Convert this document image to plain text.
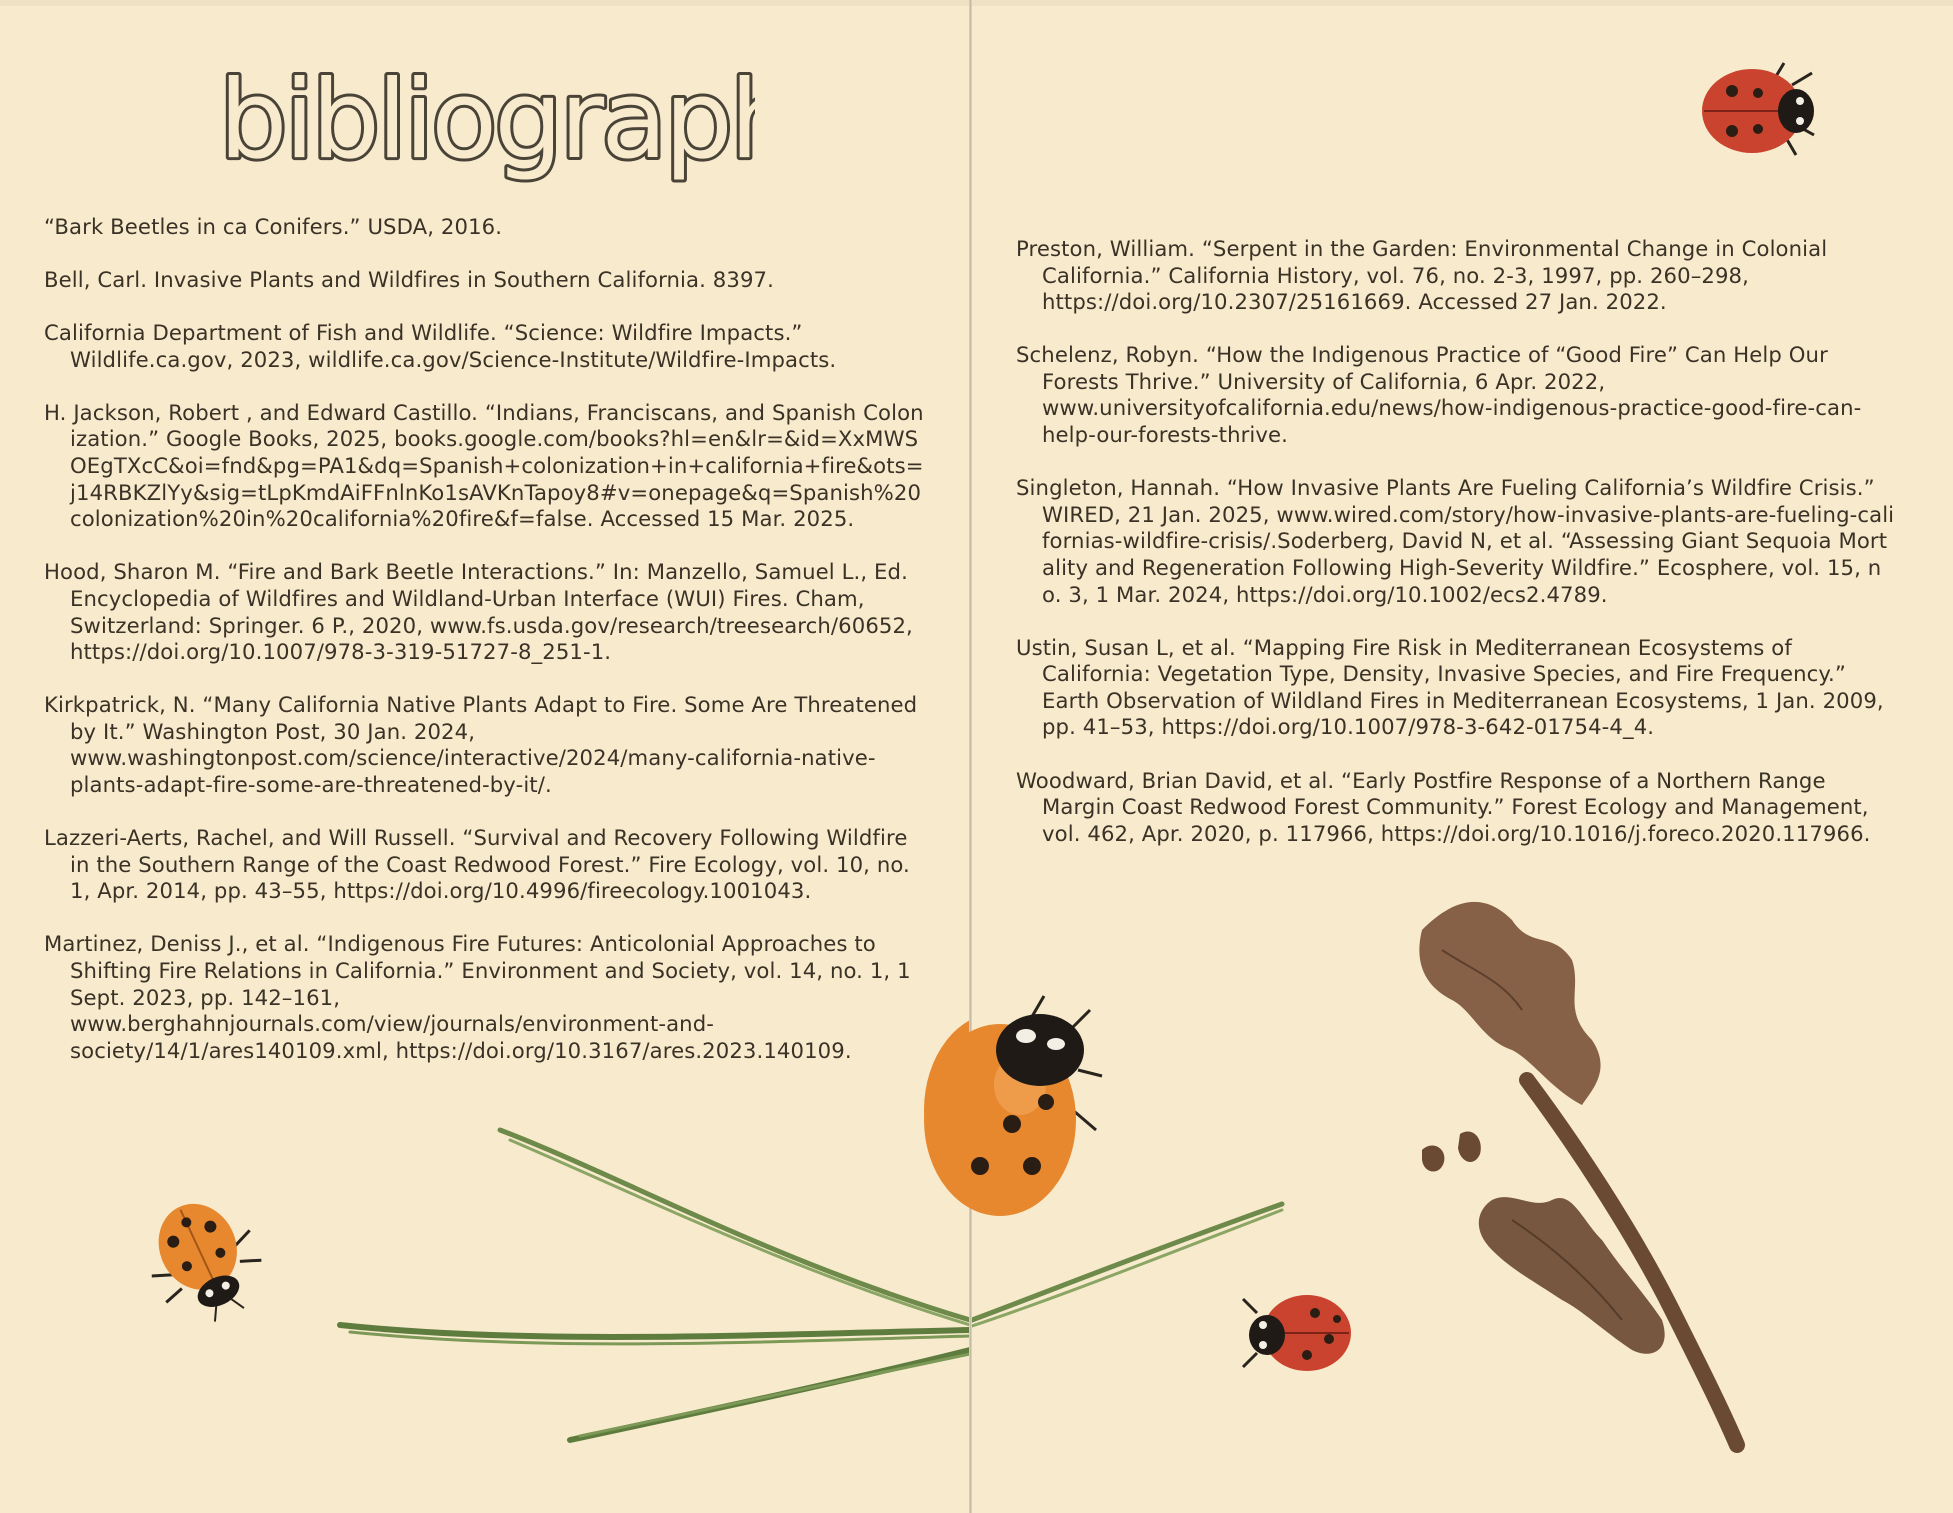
bibliograp
bibliograp
“Bark Beetles in ca Conifers.” USDA, 2016.
Bell, Carl. Invasive Plants and Wildfires in Southern California. 8397.
California Department of Fish and Wildlife. “Science: Wildfire Impacts.” Wildlife.ca.gov, 2023, wildlife.ca.gov/Science-Institute/Wildfire-Impacts.
H. Jackson, Robert , and Edward Castillo. “Indians, Franciscans, and Spanish Colonization.” Google Books, 2025, books.google.com/books?hl=en&lr=&id=XxMWSOEgTXcC&oi=fnd&pg=PA1&dq=Spanish+colonization+in+california+fire&ots=j14RBKZlYy&sig=tLpKmdAiFFnlnKo1sAVKnTapoy8#v=onepage&q=Spanish%20colonization%20in%20california%20fire&f=false. Accessed 15 Mar. 2025.
Hood, Sharon M. “Fire and Bark Beetle Interactions.” In: Manzello, Samuel L., Ed. Encyclopedia of Wildfires and Wildland-Urban Interface (WUI) Fires. Cham, Switzerland: Springer. 6 P., 2020, www.fs.usda.gov/research/treesearch/60652, https://doi.org/10.1007/978-3-319-51727-8_251-1.
Kirkpatrick, N. “Many California Native Plants Adapt to Fire. Some Are Threatened by It.” Washington Post, 30 Jan. 2024, www.washingtonpost.com/science/interactive/2024/many-california-native-plants-adapt-fire-some-are-threatened-by-it/.
Lazzeri-Aerts, Rachel, and Will Russell. “Survival and Recovery Following Wildfire in the Southern Range of the Coast Redwood Forest.” Fire Ecology, vol. 10, no. 1, Apr. 2014, pp. 43–55, https://doi.org/10.4996/fireecology.1001043.
Martinez, Deniss J., et al. “Indigenous Fire Futures: Anticolonial Approaches to Shifting Fire Relations in California.” Environment and Society, vol. 14, no. 1, 1 Sept. 2023, pp. 142–161, www.berghahnjournals.com/view/journals/environment-and-society/14/1/ares140109.xml, https://doi.org/10.3167/ares.2023.140109.
Preston, William. “Serpent in the Garden: Environmental Change in Colonial California.” California History, vol. 76, no. 2-3, 1997, pp. 260–298, https://doi.org/10.2307/25161669. Accessed 27 Jan. 2022.
Schelenz, Robyn. “How the Indigenous Practice of “Good Fire” Can Help Our Forests Thrive.” University of California, 6 Apr. 2022, www.universityofcalifornia.edu/news/how-indigenous-practice-good-fire-can-help-our-forests-thrive.
Singleton, Hannah. “How Invasive Plants Are Fueling California’s Wildfire Crisis.” WIRED, 21 Jan. 2025, www.wired.com/story/how-invasive-plants-are-fueling-californias-wildfire-crisis/.Soderberg, David N, et al. “Assessing Giant Sequoia Mortality and Regeneration Following High-Severity Wildfire.” Ecosphere, vol. 15, no. 3, 1 Mar. 2024, https://doi.org/10.1002/ecs2.4789.
Ustin, Susan L, et al. “Mapping Fire Risk in Mediterranean Ecosystems of California: Vegetation Type, Density, Invasive Species, and Fire Frequency.” Earth Observation of Wildland Fires in Mediterranean Ecosystems, 1 Jan. 2009, pp. 41–53, https://doi.org/10.1007/978-3-642-01754-4_4.
Woodward, Brian David, et al. “Early Postfire Response of a Northern Range Margin Coast Redwood Forest Community.” Forest Ecology and Management, vol. 462, Apr. 2020, p. 117966, https://doi.org/10.1016/j.foreco.2020.117966.
